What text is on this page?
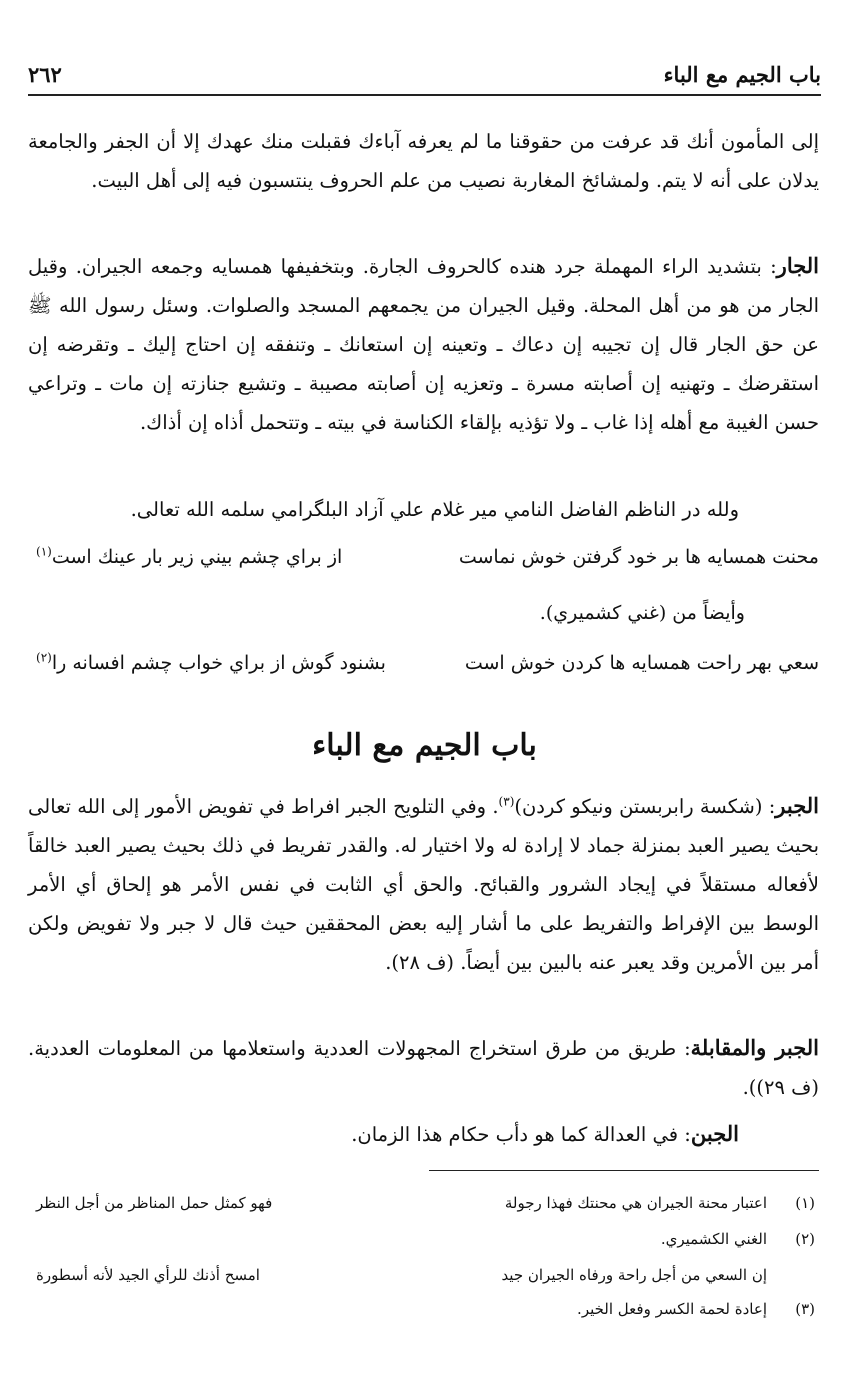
باب الجيم مع الباء
٢٦٢
إلى المأمون أنك قد عرفت من حقوقنا ما لم يعرفه آباءك فقبلت منك عهدك إلا أن الجفر والجامعة يدلان على أنه لا يتم. ولمشائخ المغاربة نصيب من علم الحروف ينتسبون فيه إلى أهل البيت.
الجار: بتشديد الراء المهملة جرد هنده كالحروف الجارة. وبتخفيفها همسايه وجمعه الجيران. وقيل الجار من هو من أهل المحلة. وقيل الجيران من يجمعهم المسجد والصلوات. وسئل رسول الله ﷺ عن حق الجار قال إن تجيبه إن دعاك ـ وتعينه إن استعانك ـ وتنفقه إن احتاج إليك ـ وتقرضه إن استقرضك ـ وتهنيه إن أصابته مسرة ـ وتعزيه إن أصابته مصيبة ـ وتشيع جنازته إن مات ـ وتراعي حسن الغيبة مع أهله إذا غاب ـ ولا تؤذيه بإلقاء الكناسة في بيته ـ وتتحمل أذاه إن أذاك.
ولله در الناظم الفاضل النامي مير غلام علي آزاد البلگرامي سلمه الله تعالى.
محنت همسايه ها بر خود گرفتن خوش نماست
از براي چشم بيني زير بار عينك است$^{(١)}$
وأيضاً من (غني كشميري).
سعي بهر راحت همسايه ها كردن خوش است
بشنود گوش از براي خواب چشم افسانه را$^{(٢)}$
باب الجيم مع الباء
الجبر: (شكسة رابربستن ونيكو كردن)$^{(٣)}$. وفي التلويح الجبر افراط في تفويض الأمور إلى الله تعالى بحيث يصير العبد بمنزلة جماد لا إرادة له ولا اختيار له. والقدر تفريط في ذلك بحيث يصير العبد خالقاً لأفعاله مستقلاً في إيجاد الشرور والقبائح. والحق أي الثابت في نفس الأمر هو إلحاق أي الأمر الوسط بين الإفراط والتفريط على ما أشار إليه بعض المحققين حيث قال لا جبر ولا تفويض ولكن أمر بين الأمرين وقد يعبر عنه بالبين بين أيضاً. (ف ٢٨).
الجبر والمقابلة: طريق من طرق استخراج المجهولات العددية واستعلامها من المعلومات العددية. (ف ٢٩)).
الجبن: في العدالة كما هو دأب حكام هذا الزمان.
(١)
اعتبار محنة الجيران هي محنتك فهذا رجولة
فهو كمثل حمل المناظر من أجل النظر
(٢)
الغني الكشميري.
إن السعي من أجل راحة ورفاه الجيران جيد
امسح أذنك للرأي الجيد لأنه أسطورة
(٣)
إعادة لحمة الكسر وفعل الخير.
